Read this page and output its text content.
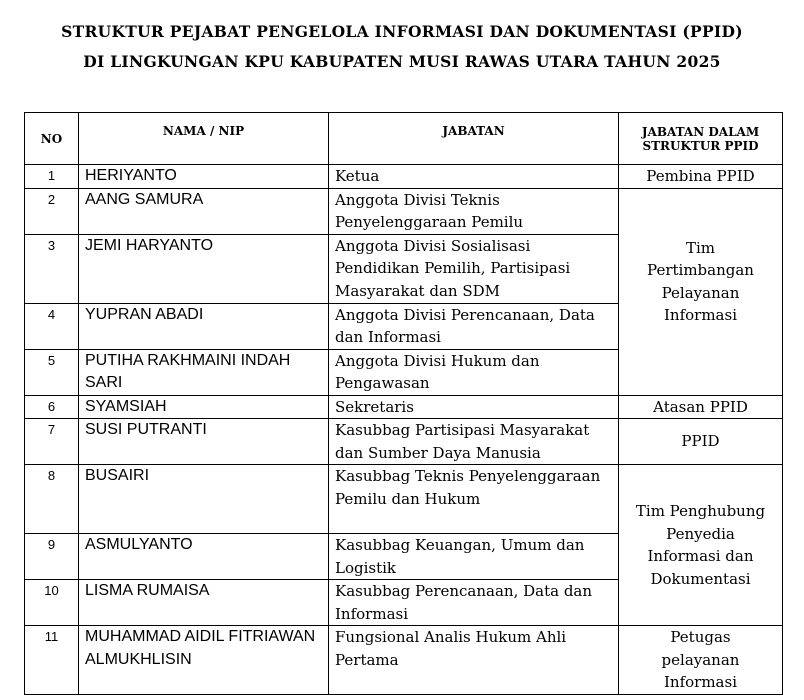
STRUKTUR PEJABAT PENGELOLA INFORMASI DAN DOKUMENTASI (PPID)
DI LINGKUNGAN KPU KABUPATEN MUSI RAWAS UTARA TAHUN 2025
NO	NAMA / NIP	JABATAN	JABATAN DALAM
STRUKTUR PPID
1	HERIYANTO	Ketua	Pembina PPID
2	AANG SAMURA	Anggota Divisi Teknis Penyelenggaraan Pemilu	Tim
Pertimbangan
Pelayanan
Informasi
3	JEMI HARYANTO	Anggota Divisi Sosialisasi Pendidikan Pemilih, Partisipasi Masyarakat dan SDM	
4	YUPRAN ABADI	Anggota Divisi Perencanaan, Data dan Informasi	
5	PUTIHA RAKHMAINI INDAH SARI	Anggota Divisi Hukum dan Pengawasan	
6	SYAMSIAH	Sekretaris	Atasan PPID
7	SUSI PUTRANTI	Kasubbag Partisipasi Masyarakat dan Sumber Daya Manusia	PPID
8	BUSAIRI	Kasubbag Teknis Penyelenggaraan Pemilu dan Hukum	Tim Penghubung
Penyedia
Informasi dan
Dokumentasi
9	ASMULYANTO	Kasubbag Keuangan, Umum dan Logistik	
10	LISMA RUMAISA	Kasubbag Perencanaan, Data dan Informasi	
11	MUHAMMAD AIDIL FITRIAWAN ALMUKHLISIN	Fungsional Analis Hukum Ahli Pertama	Petugas
pelayanan
Informasi
